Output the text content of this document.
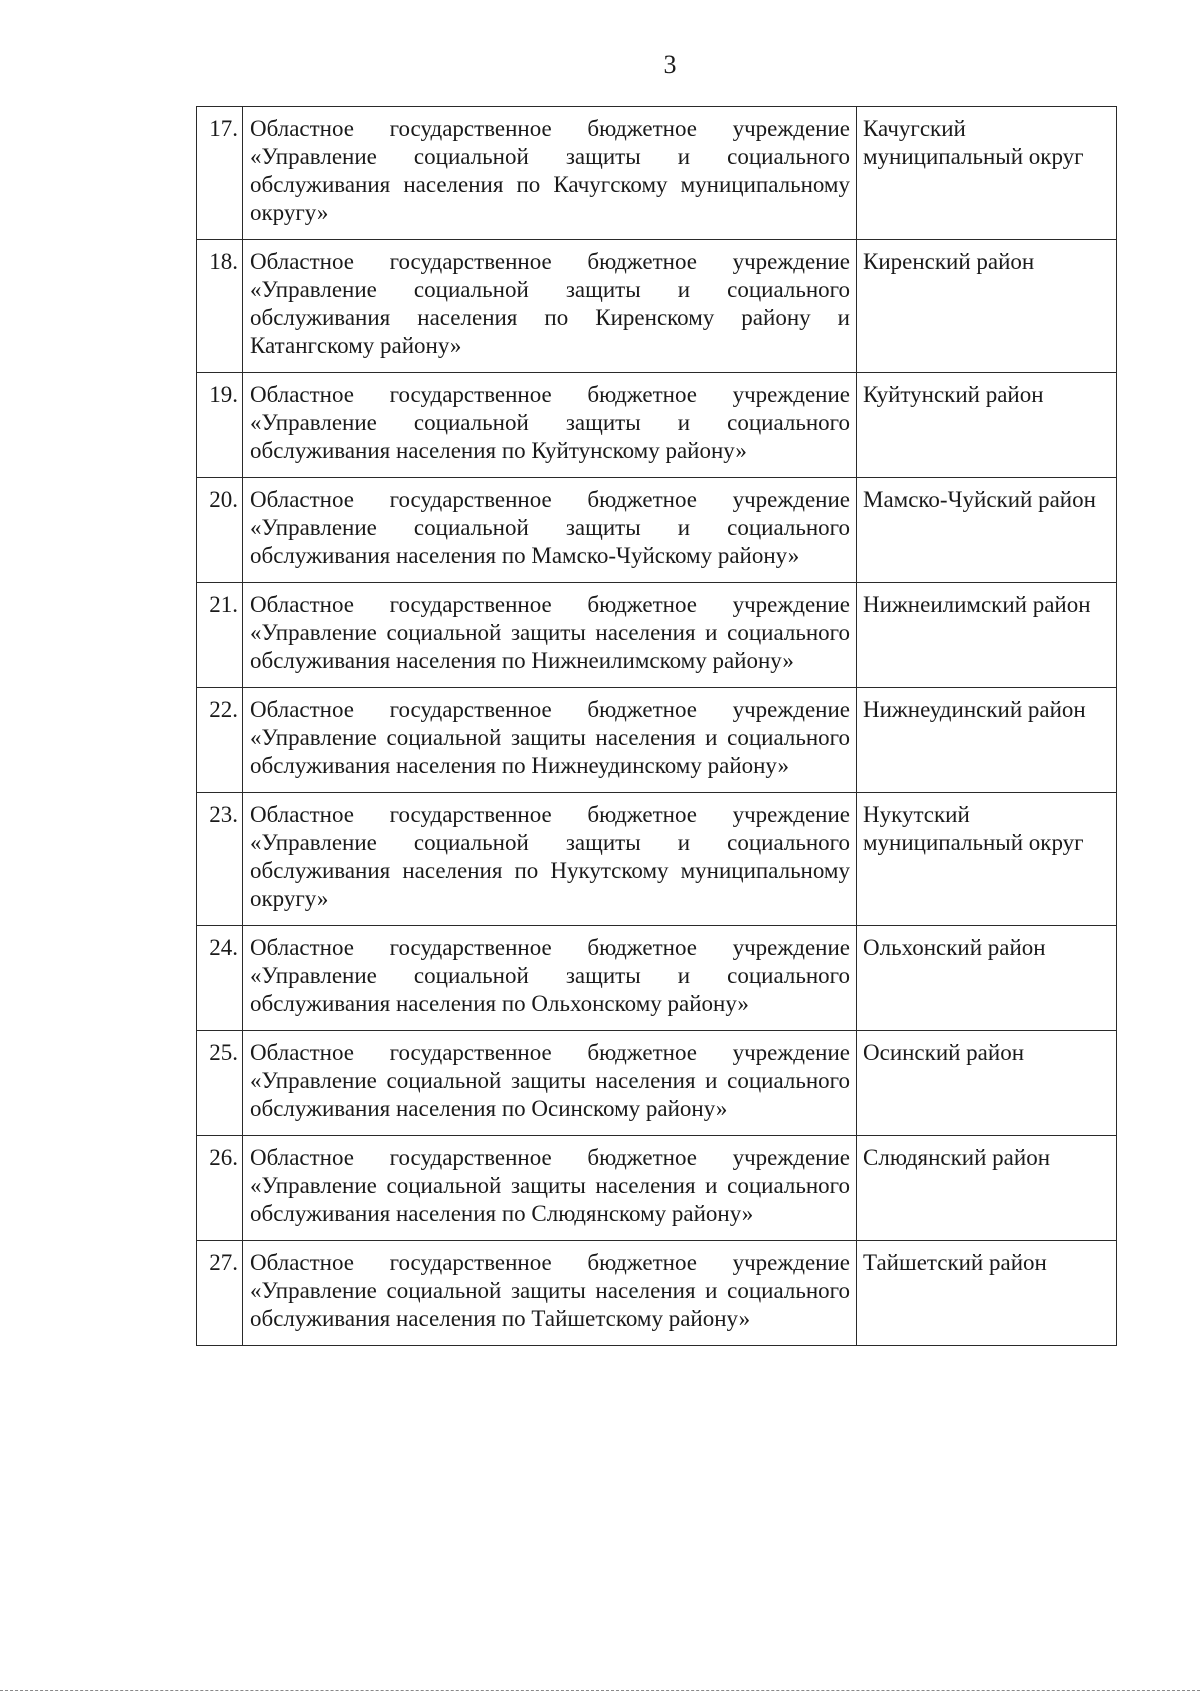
3
17.	Областное государственное бюджетное учреждение «Управление социальной защиты и социального обслуживания населения по Качугскому муниципальному округу»	Качугский муниципальный округ
18.	Областное государственное бюджетное учреждение «Управление социальной защиты и социального обслуживания населения по Киренскому району и Катангскому району»	Киренский район
19.	Областное государственное бюджетное учреждение «Управление социальной защиты и социального обслуживания населения по Куйтунскому району»	Куйтунский район
20.	Областное государственное бюджетное учреждение «Управление социальной защиты и социального обслуживания населения по Мамско-Чуйскому району»	Мамско-Чуйский район
21.	Областное государственное бюджетное учреждение «Управление социальной защиты населения и социального обслуживания населения по Нижнеилимскому району»	Нижнеилимский район
22.	Областное государственное бюджетное учреждение «Управление социальной защиты населения и социального обслуживания населения по Нижнеудинскому району»	Нижнеудинский район
23.	Областное государственное бюджетное учреждение «Управление социальной защиты и социального обслуживания населения по Нукутскому муниципальному округу»	Нукутский муниципальный округ
24.	Областное государственное бюджетное учреждение «Управление социальной защиты и социального обслуживания населения по Ольхонскому району»	Ольхонский район
25.	Областное государственное бюджетное учреждение «Управление социальной защиты населения и социального обслуживания населения по Осинскому району»	Осинский район
26.	Областное государственное бюджетное учреждение «Управление социальной защиты населения и социального обслуживания населения по Слюдянскому району»	Слюдянский район
27.	Областное государственное бюджетное учреждение «Управление социальной защиты населения и социального обслуживания населения по Тайшетскому району»	Тайшетский район
